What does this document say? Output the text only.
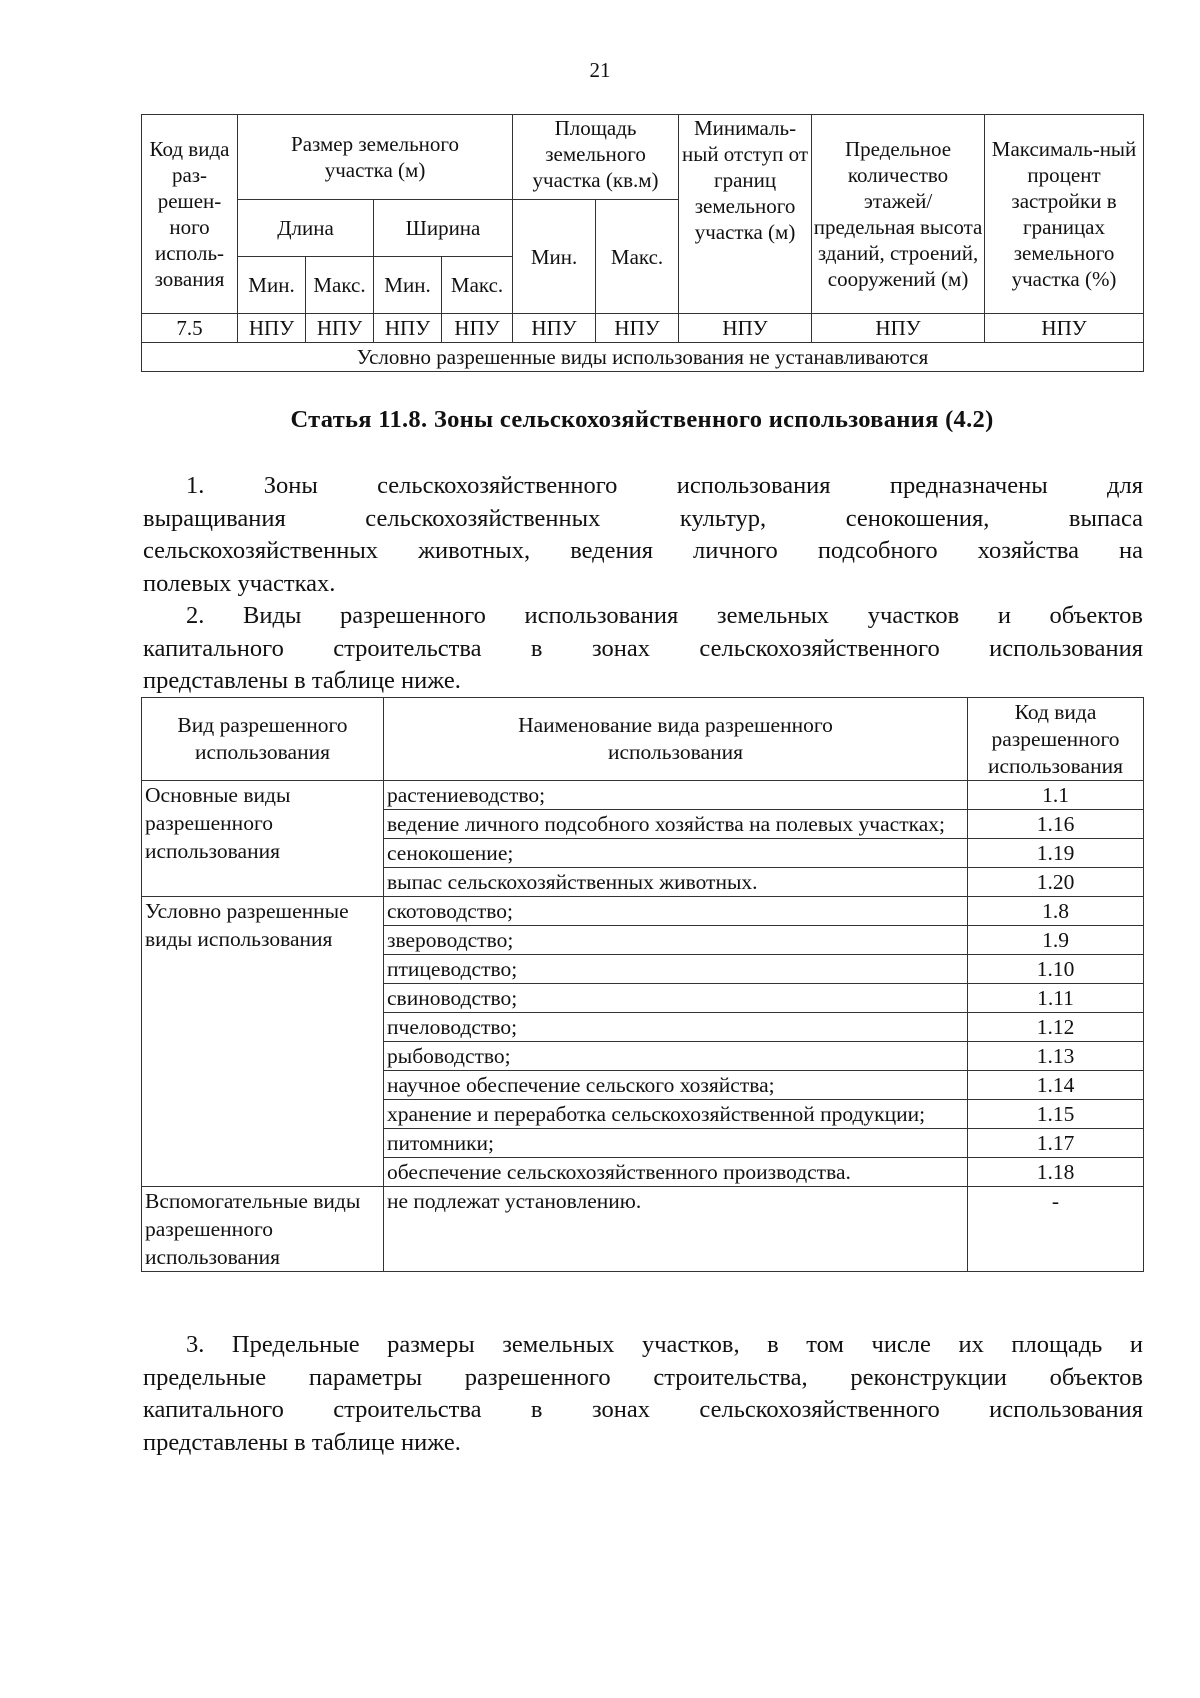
21
Код вида раз-решен-ного исполь-зования	Размер земельного участка (м)				Площадь земельного участка (кв.м)		Минималь-ный отступ от границ земельного участка (м)	Предельное количество этажей/ предельная высота зданий, строений, сооружений (м)	Максималь-ный процент застройки в границах земельного участка (%)
	Длина		Ширина		Мин.	Макс.			
	Мин.	Макс.	Мин.	Макс.					
7.5	НПУ	НПУ	НПУ	НПУ	НПУ	НПУ	НПУ	НПУ	НПУ
Условно разрешенные виды использования не устанавливаются									
Статья 11.8. Зоны сельскохозяйственного использования (4.2)
1. Зоны сельскохозяйственного использования предназначены для
выращивания сельскохозяйственных культур, сенокошения, выпаса
сельскохозяйственных животных, ведения личного подсобного хозяйства на
полевых участках.
2. Виды разрешенного использования земельных участков и объектов
капитального строительства в зонах сельскохозяйственного использования
представлены в таблице ниже.
Вид разрешенного использования	Наименование вида разрешенного использования	Код вида разрешенного использования
Основные виды разрешенного использования	растениеводство;	1.1
	ведение личного подсобного хозяйства на полевых участках;	1.16
	сенокошение;	1.19
	выпас сельскохозяйственных животных.	1.20
Условно разрешенные виды использования	скотоводство;	1.8
	звероводство;	1.9
	птицеводство;	1.10
	свиноводство;	1.11
	пчеловодство;	1.12
	рыбоводство;	1.13
	научное обеспечение сельского хозяйства;	1.14
	хранение и переработка сельскохозяйственной продукции;	1.15
	питомники;	1.17
	обеспечение сельскохозяйственного производства.	1.18
Вспомогательные виды разрешенного использования	не подлежат установлению.	-
3. Предельные размеры земельных участков, в том числе их площадь и
предельные параметры разрешенного строительства, реконструкции объектов
капитального строительства в зонах сельскохозяйственного использования
представлены в таблице ниже.
